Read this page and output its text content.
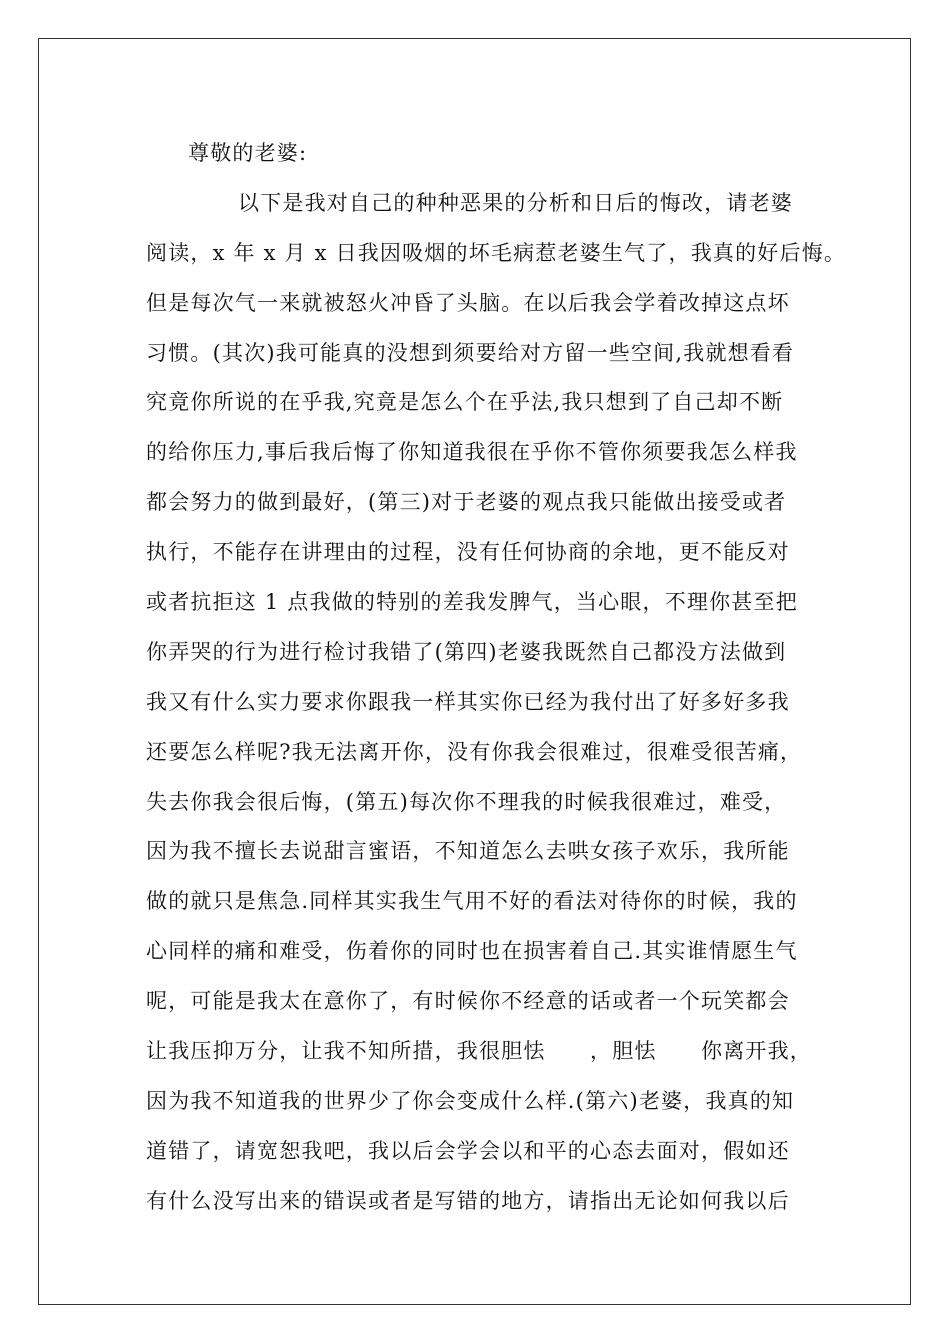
尊敬的老婆:
以下是我对自己的种种恶果的分析和日后的悔改，请老婆
阅读，x 年 x 月 x 日我因吸烟的坏毛病惹老婆生气了，我真的好后悔。
但是每次气一来就被怒火冲昏了头脑。在以后我会学着改掉这点坏
习惯。(其次)我可能真的没想到须要给对方留一些空间,我就想看看
究竟你所说的在乎我,究竟是怎么个在乎法,我只想到了自己却不断
的给你压力,事后我后悔了你知道我很在乎你不管你须要我怎么样我
都会努力的做到最好，(第三)对于老婆的观点我只能做出接受或者
执行，不能存在讲理由的过程，没有任何协商的余地，更不能反对
或者抗拒这 1 点我做的特别的差我发脾气，当心眼，不理你甚至把
你弄哭的行为进行检讨我错了(第四)老婆我既然自己都没方法做到
我又有什么实力要求你跟我一样其实你已经为我付出了好多好多我
还要怎么样呢?我无法离开你，没有你我会很难过，很难受很苦痛，
失去你我会很后悔，(第五)每次你不理我的时候我很难过，难受，
因为我不擅长去说甜言蜜语，不知道怎么去哄女孩子欢乐，我所能
做的就只是焦急.同样其实我生气用不好的看法对待你的时候，我的
心同样的痛和难受，伤着你的同时也在损害着自己.其实谁情愿生气
呢，可能是我太在意你了，有时候你不经意的话或者一个玩笑都会
让我压抑万分，让我不知所措，我很胆怯　　，胆怯　　你离开我，
因为我不知道我的世界少了你会变成什么样.(第六)老婆，我真的知
道错了，请宽恕我吧，我以后会学会以和平的心态去面对，假如还
有什么没写出来的错误或者是写错的地方，请指出无论如何我以后
